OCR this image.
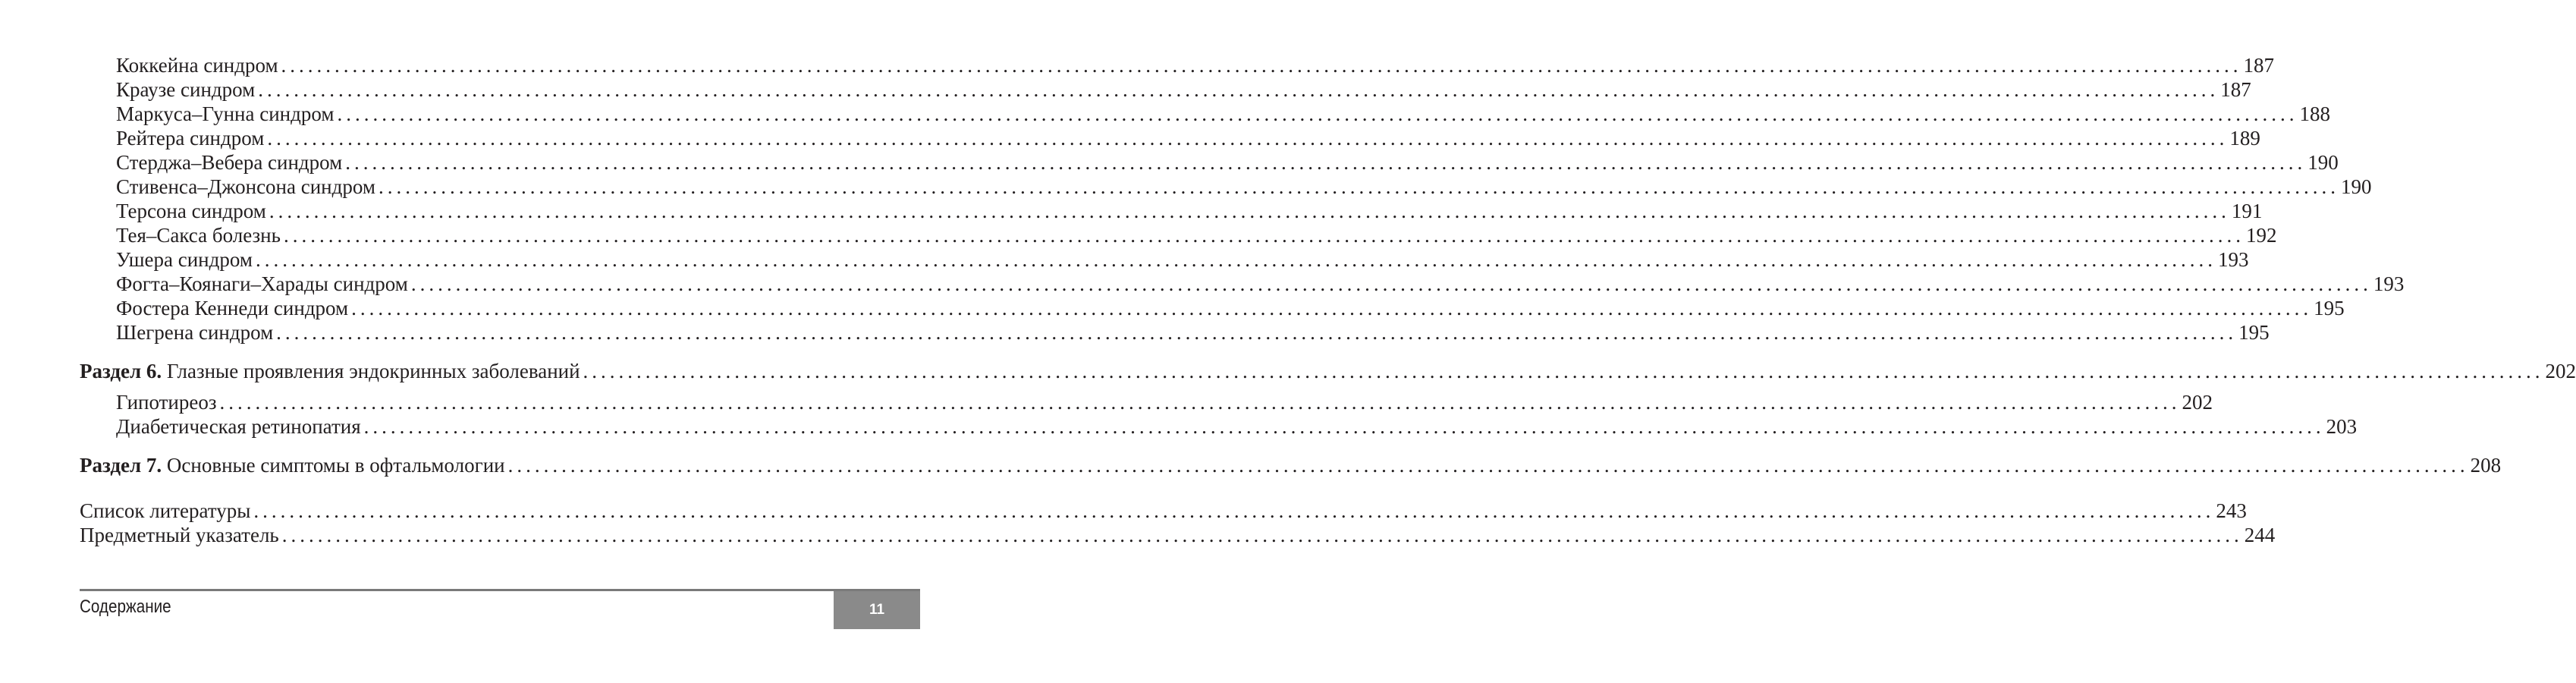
Коккейна синдром ............................................................................................................................................................................................................................ 187
Краузе синдром ............................................................................................................................................................................................................................ 187
Маркуса–Гунна синдром ............................................................................................................................................................................................................................ 188
Рейтера синдром ............................................................................................................................................................................................................................ 189
Стерджа–Вебера синдром ............................................................................................................................................................................................................................ 190
Стивенса–Джонсона синдром ............................................................................................................................................................................................................................ 190
Терсона синдром ............................................................................................................................................................................................................................ 191
Тея–Сакса болезнь ............................................................................................................................................................................................................................ 192
Ушера синдром ............................................................................................................................................................................................................................ 193
Фогта–Коянаги–Харады синдром ............................................................................................................................................................................................................................ 193
Фостера Кеннеди синдром ............................................................................................................................................................................................................................ 195
Шегрена синдром ............................................................................................................................................................................................................................ 195
Раздел 6. Глазные проявления эндокринных заболеваний ............................................................................................................................................................................................................................ 202
Гипотиреоз ............................................................................................................................................................................................................................ 202
Диабетическая ретинопатия ............................................................................................................................................................................................................................ 203
Раздел 7. Основные симптомы в офтальмологии ............................................................................................................................................................................................................................ 208
Список литературы ............................................................................................................................................................................................................................ 243
Предметный указатель ............................................................................................................................................................................................................................ 244
Содержание	11
